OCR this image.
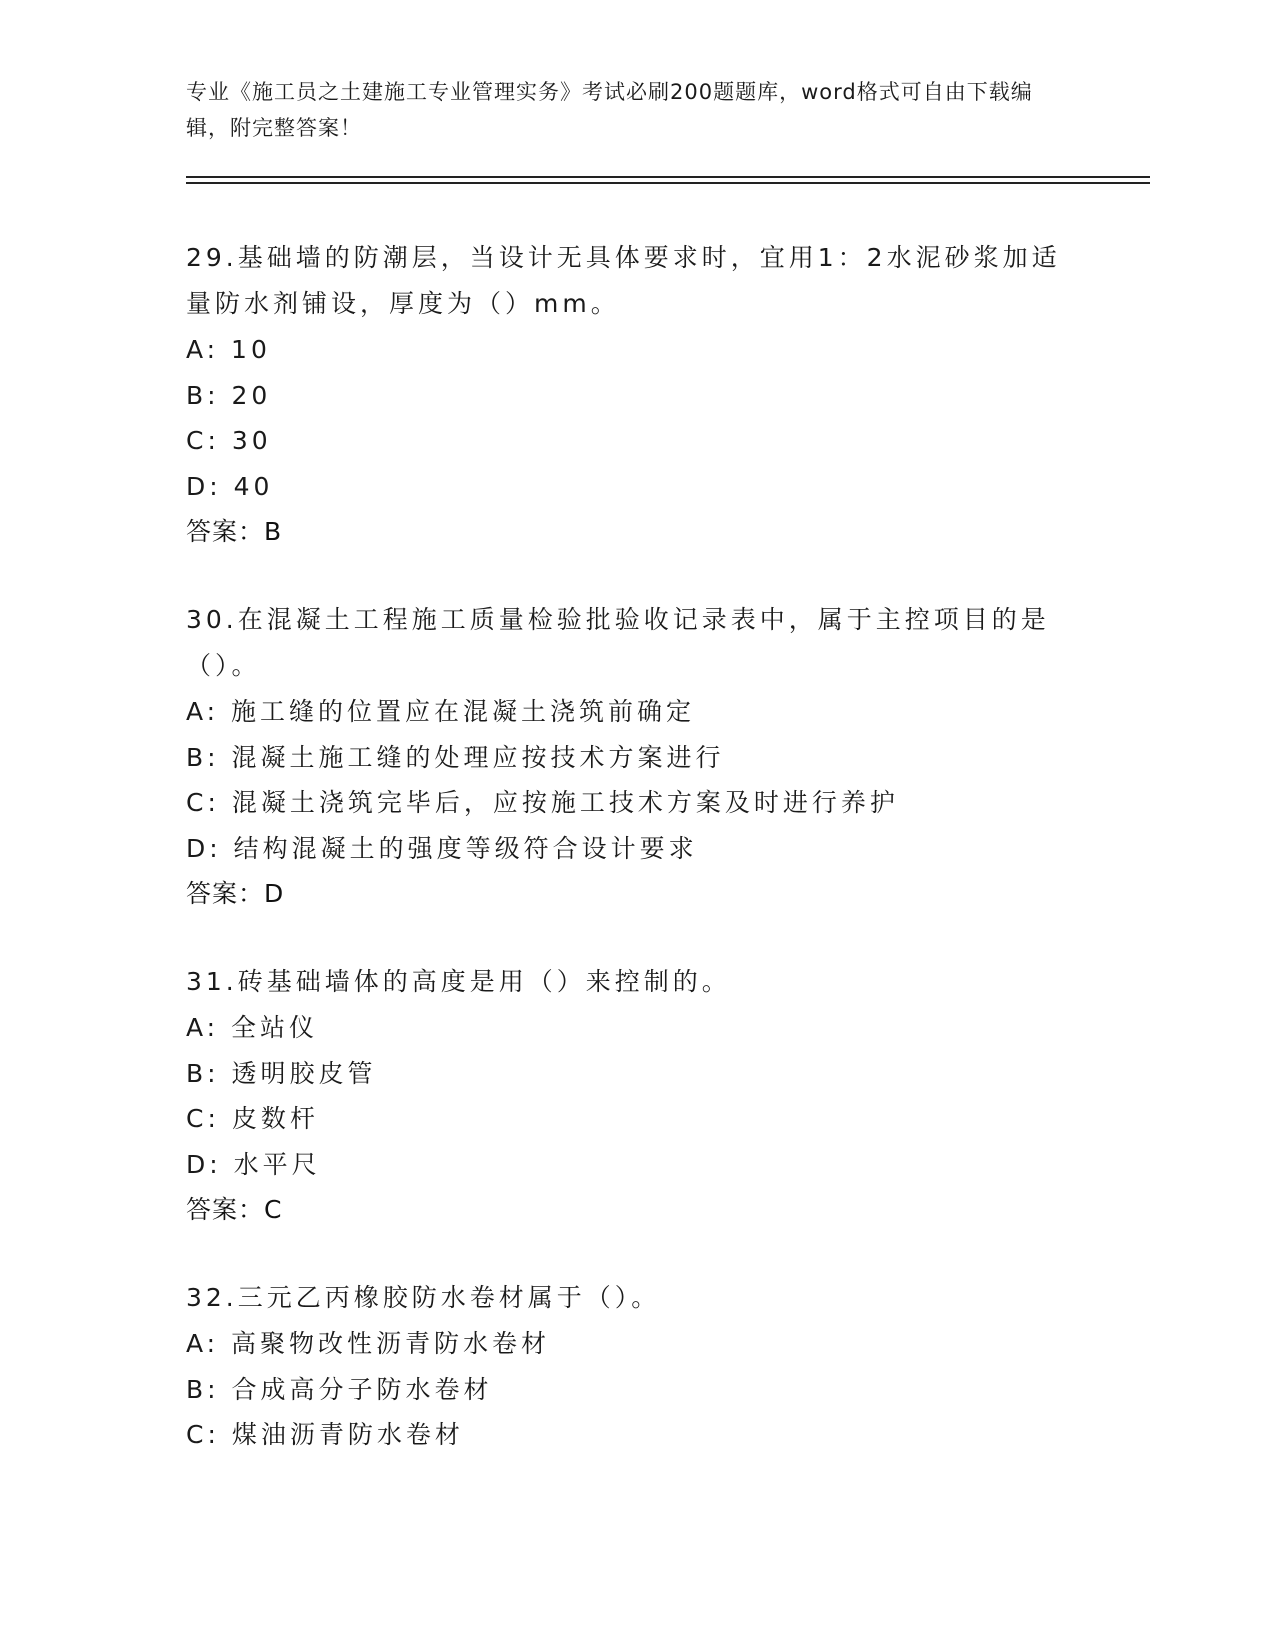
专业《施工员之土建施工专业管理实务》考试必刷200题题库，word格式可自由下载编辑，附完整答案！

29.基础墙的防潮层，当设计无具体要求时，宜用1：2水泥砂浆加适量防水剂铺设，厚度为（）mm。

A: 10

B: 20

C: 30

D: 40

答案：B

30.在混凝土工程施工质量检验批验收记录表中，属于主控项目的是（）。

A: 施工缝的位置应在混凝土浇筑前确定

B: 混凝土施工缝的处理应按技术方案进行

C: 混凝土浇筑完毕后，应按施工技术方案及时进行养护

D: 结构混凝土的强度等级符合设计要求

答案：D

31.砖基础墙体的高度是用（）来控制的。

A: 全站仪

B: 透明胶皮管

C: 皮数杆

D: 水平尺

答案：C

32.三元乙丙橡胶防水卷材属于（）。

A: 高聚物改性沥青防水卷材

B: 合成高分子防水卷材

C: 煤油沥青防水卷材
